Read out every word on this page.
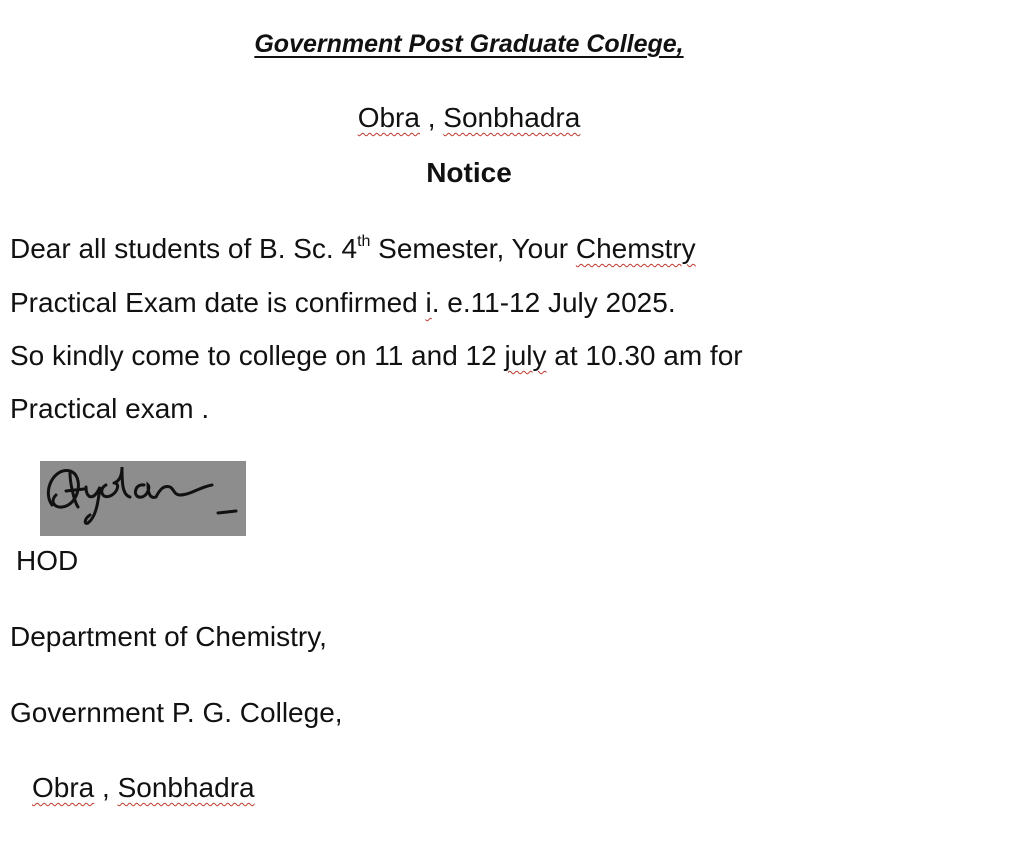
Government Post Graduate College,
Obra , Sonbhadra
Notice
Dear all students of B. Sc. 4th Semester, Your Chemstry
Practical Exam date is confirmed i. e.11-12 July 2025.
So kindly come to college on 11 and 12 july at 10.30 am for
Practical exam .
HOD
Department of Chemistry,
Government P. G. College,
Obra , Sonbhadra
